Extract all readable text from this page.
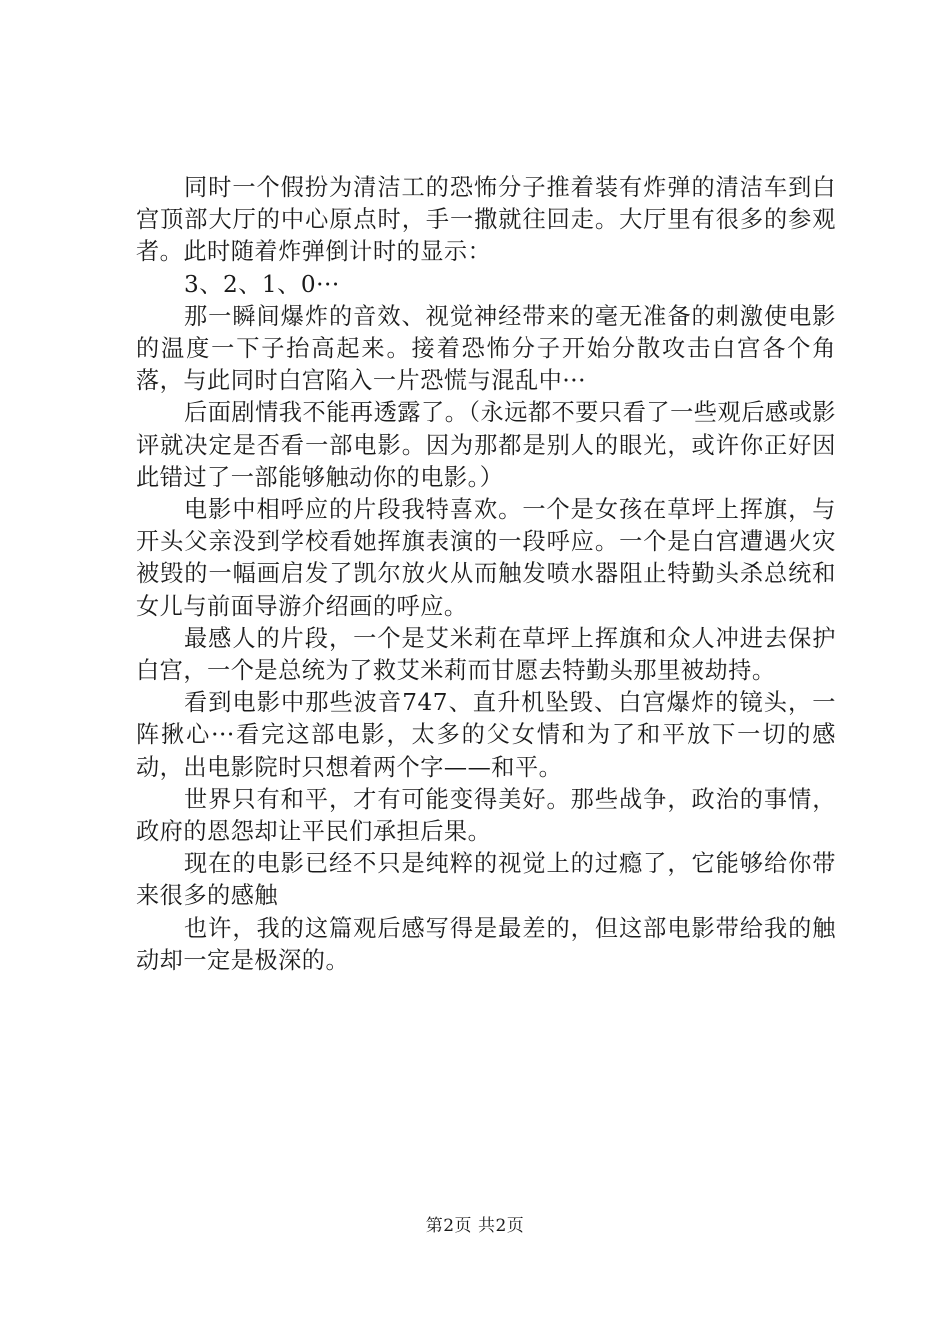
同时一个假扮为清洁工的恐怖分子推着装有炸弹的清洁车到白宫顶部大厅的中心原点时，手一撒就往回走。大厅里有很多的参观者。此时随着炸弹倒计时的显示：

3、2、1、0···

那一瞬间爆炸的音效、视觉神经带来的毫无准备的刺激使电影的温度一下子抬高起来。接着恐怖分子开始分散攻击白宫各个角落，与此同时白宫陷入一片恐慌与混乱中···

后面剧情我不能再透露了。（永远都不要只看了一些观后感或影评就决定是否看一部电影。因为那都是别人的眼光，或许你正好因此错过了一部能够触动你的电影。）

电影中相呼应的片段我特喜欢。一个是女孩在草坪上挥旗，与开头父亲没到学校看她挥旗表演的一段呼应。一个是白宫遭遇火灾被毁的一幅画启发了凯尔放火从而触发喷水器阻止特勤头杀总统和女儿与前面导游介绍画的呼应。

最感人的片段，一个是艾米莉在草坪上挥旗和众人冲进去保护白宫，一个是总统为了救艾米莉而甘愿去特勤头那里被劫持。

看到电影中那些波音747、直升机坠毁、白宫爆炸的镜头，一阵揪心···看完这部电影，太多的父女情和为了和平放下一切的感动，出电影院时只想着两个字——和平。

世界只有和平，才有可能变得美好。那些战争，政治的事情，政府的恩怨却让平民们承担后果。

现在的电影已经不只是纯粹的视觉上的过瘾了，它能够给你带来很多的感触

也许，我的这篇观后感写得是最差的，但这部电影带给我的触动却一定是极深的。

第2页 共2页
